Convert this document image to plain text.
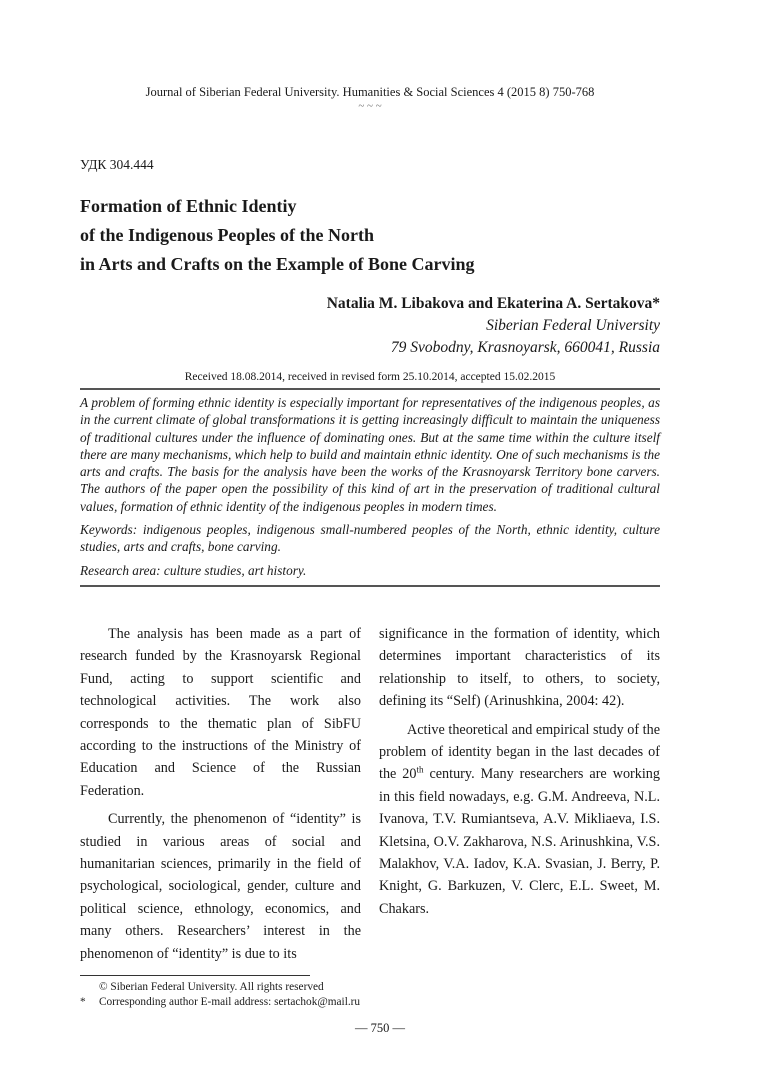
Journal of Siberian Federal University. Humanities & Social Sciences 4 (2015 8) 750-768
~ ~ ~
УДК 304.444
Formation of Ethnic Identiy
of the Indigenous Peoples of the North
in Arts and Crafts on the Example of Bone Carving
Natalia M. Libakova and Ekaterina A. Sertakova*
Siberian Federal University
79 Svobodny, Krasnoyarsk, 660041, Russia
Received 18.08.2014, received in revised form 25.10.2014, accepted 15.02.2015

A problem of forming ethnic identity is especially important for representatives of the indigenous peoples, as in the current climate of global transformations it is getting increasingly difficult to maintain the uniqueness of traditional cultures under the influence of dominating ones. But at the same time within the culture itself there are many mechanisms, which help to build and maintain ethnic identity. One of such mechanisms is the arts and crafts. The basis for the analysis have been the works of the Krasnoyarsk Territory bone carvers. The authors of the paper open the possibility of this kind of art in the preservation of traditional cultural values, formation of ethnic identity of the indigenous peoples in modern times.

Keywords: indigenous peoples, indigenous small-numbered peoples of the North, ethnic identity, culture studies, arts and crafts, bone carving.

Research area: culture studies, art history.

The analysis has been made as a part of research funded by the Krasnoyarsk Regional Fund, acting to support scientific and technological activities. The work also corresponds to the thematic plan of SibFU according to the instructions of the Ministry of Education and Science of the Russian Federation.

Currently, the phenomenon of “identity” is studied in various areas of social and humanitarian sciences, primarily in the field of psychological, sociological, gender, culture and political science, ethnology, economics, and many others. Researchers’ interest in the phenomenon of “identity” is due to its

significance in the formation of identity, which determines important characteristics of its relationship to itself, to others, to society, defining its “Self) (Arinushkina, 2004: 42).

Active theoretical and empirical study of the problem of identity began in the last decades of the 20th century. Many researchers are working in this field nowadays, e.g. G.M. Andreeva, N.L. Ivanova, T.V. Rumiantseva, A.V. Mikliaeva, I.S. Kletsina, O.V. Zakharova, N.S. Arinushkina, V.S. Malakhov, V.A. Iadov, K.A. Svasian, J. Berry, P. Knight, G. Barkuzen, V. Clerc, E.L. Sweet, M. Chakars.

© Siberian Federal University. All rights reserved
* Corresponding author E-mail address: sertachok@mail.ru
— 750 —
